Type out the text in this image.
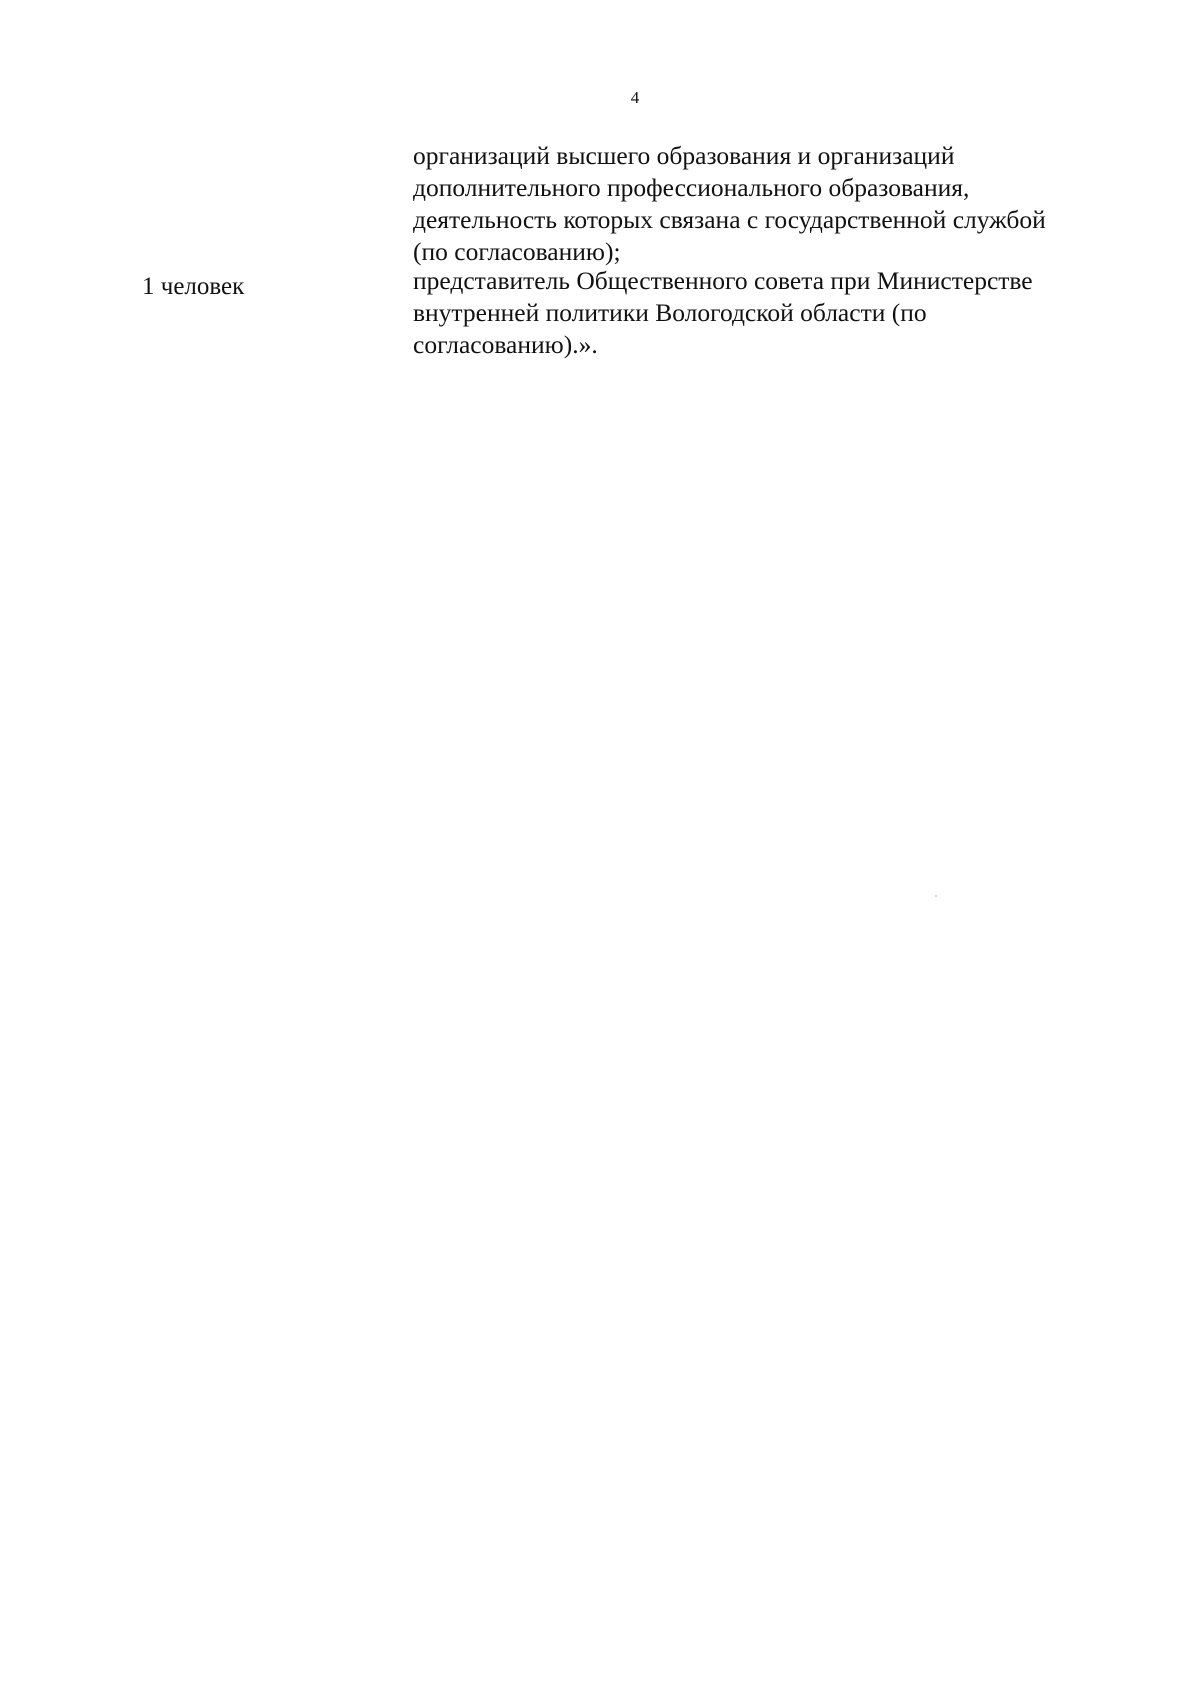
4
организаций высшего образования и организаций
дополнительного профессионального образования,
деятельность которых связана с государственной службой
(по согласованию);
1 человек	представитель Общественного совета при Министерстве
внутренней политики Вологодской области (по
согласованию).».
